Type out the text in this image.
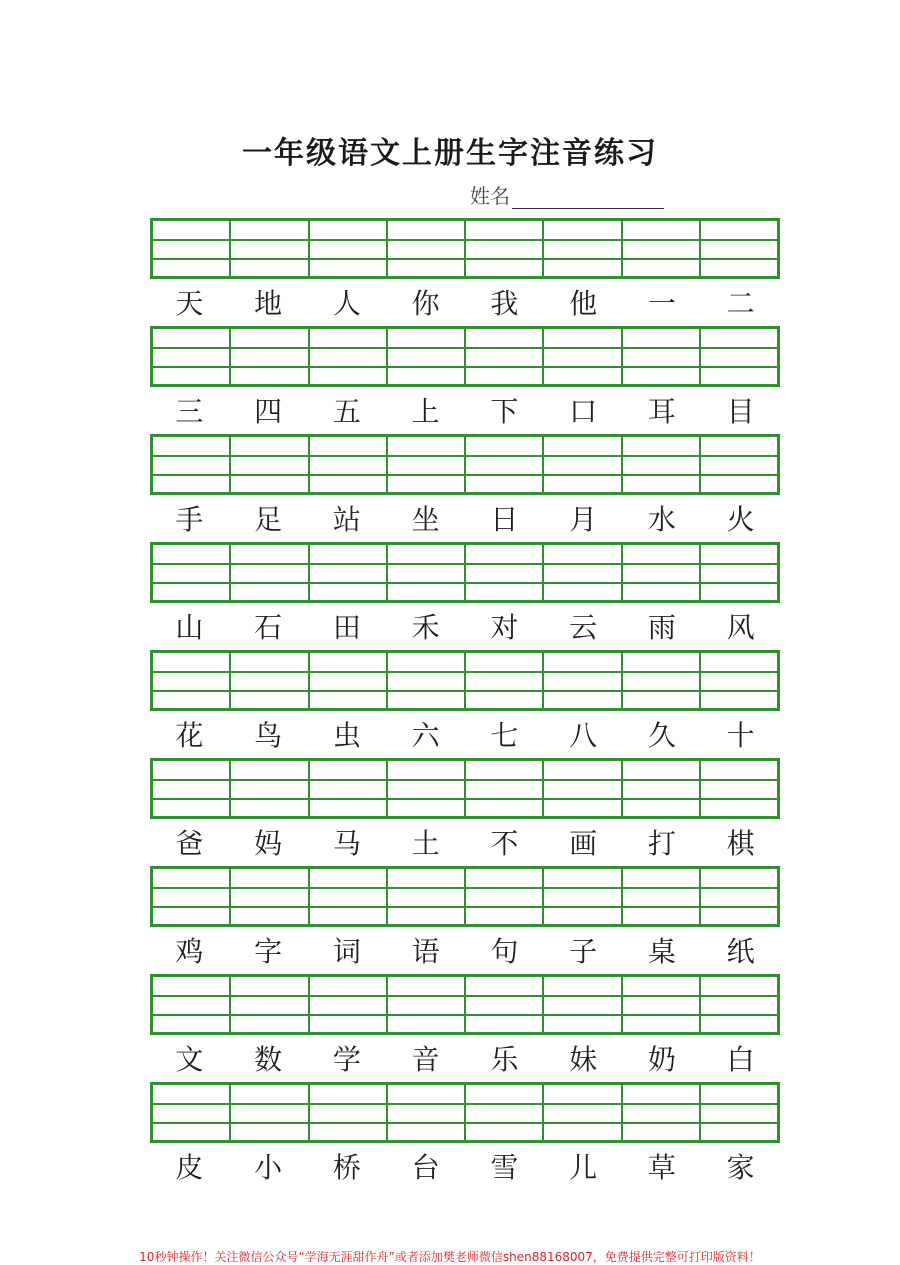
一年级语文上册生字注音练习
姓名
天	地	人	你	我	他	一	二
三	四	五	上	下	口	耳	目
手	足	站	坐	日	月	水	火
山	石	田	禾	对	云	雨	风
花	鸟	虫	六	七	八	久	十
爸	妈	马	土	不	画	打	棋
鸡	字	词	语	句	子	桌	纸
文	数	学	音	乐	妹	奶	白
皮	小	桥	台	雪	儿	草	家
10秒钟操作！关注微信公众号“学海无涯甜作舟”或者添加樊老师微信shen88168007，免费提供完整可打印版资料！
